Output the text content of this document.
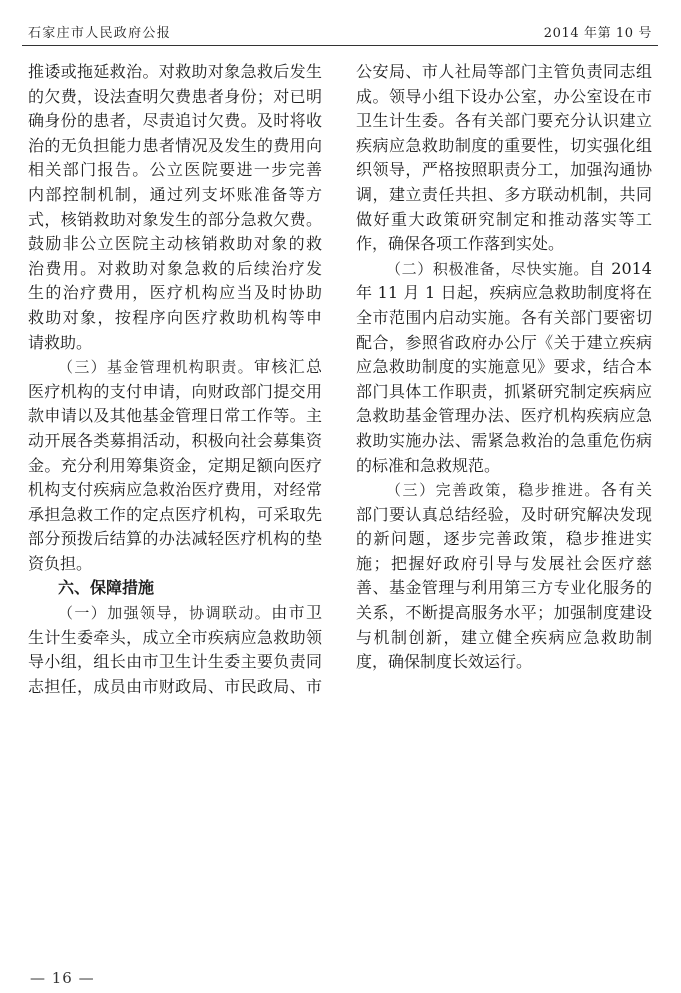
石家庄市人民政府公报	2014 年第 10 号
推诿或拖延救治。对救助对象急救后发生
的欠费，设法查明欠费患者身份；对已明
确身份的患者，尽责追讨欠费。及时将收
治的无负担能力患者情况及发生的费用向
相关部门报告。公立医院要进一步完善
内部控制机制，通过列支坏账准备等方
式，核销救助对象发生的部分急救欠费。
鼓励非公立医院主动核销救助对象的救
治费用。对救助对象急救的后续治疗发
生的治疗费用，医疗机构应当及时协助
救助对象，按程序向医疗救助机构等申
请救助。
（三）基金管理机构职责。审核汇总
医疗机构的支付申请，向财政部门提交用
款申请以及其他基金管理日常工作等。主
动开展各类募捐活动，积极向社会募集资
金。充分利用筹集资金，定期足额向医疗
机构支付疾病应急救治医疗费用，对经常
承担急救工作的定点医疗机构，可采取先
部分预拨后结算的办法减轻医疗机构的垫
资负担。
六、保障措施
（一）加强领导，协调联动。由市卫
生计生委牵头，成立全市疾病应急救助领
导小组，组长由市卫生计生委主要负责同
志担任，成员由市财政局、市民政局、市
公安局、市人社局等部门主管负责同志组
成。领导小组下设办公室，办公室设在市
卫生计生委。各有关部门要充分认识建立
疾病应急救助制度的重要性，切实强化组
织领导，严格按照职责分工，加强沟通协
调，建立责任共担、多方联动机制，共同
做好重大政策研究制定和推动落实等工
作，确保各项工作落到实处。
（二）积极准备，尽快实施。自 2014
年 11 月 1 日起，疾病应急救助制度将在
全市范围内启动实施。各有关部门要密切
配合，参照省政府办公厅《关于建立疾病
应急救助制度的实施意见》要求，结合本
部门具体工作职责，抓紧研究制定疾病应
急救助基金管理办法、医疗机构疾病应急
救助实施办法、需紧急救治的急重危伤病
的标准和急救规范。
（三）完善政策，稳步推进。各有关
部门要认真总结经验，及时研究解决发现
的新问题，逐步完善政策，稳步推进实
施；把握好政府引导与发展社会医疗慈
善、基金管理与利用第三方专业化服务的
关系，不断提高服务水平；加强制度建设
与机制创新，建立健全疾病应急救助制
度，确保制度长效运行。
— 16 —
